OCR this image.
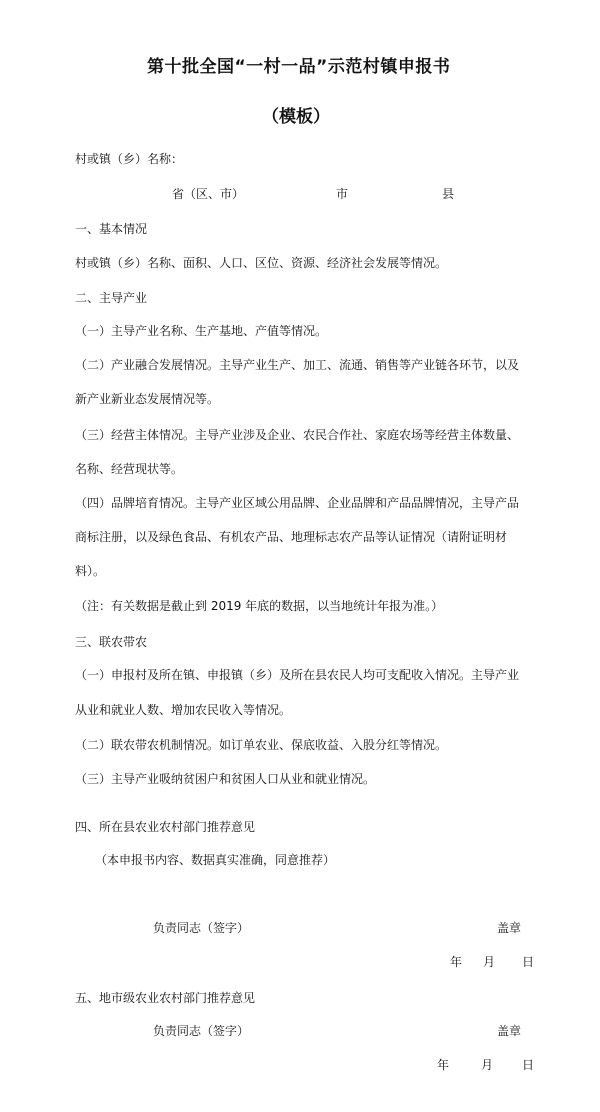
第十批全国“一村一品”示范村镇申报书
（模板）
村或镇（乡）名称：
省（区、市）	市	县
一、基本情况
村或镇（乡）名称、面积、人口、区位、资源、经济社会发展等情况。
二、主导产业
（一）主导产业名称、生产基地、产值等情况。
（二）产业融合发展情况。主导产业生产、加工、流通、销售等产业链各环节，以及
新产业新业态发展情况等。
（三）经营主体情况。主导产业涉及企业、农民合作社、家庭农场等经营主体数量、
名称、经营现状等。
（四）品牌培育情况。主导产业区域公用品牌、企业品牌和产品品牌情况，主导产品
商标注册，以及绿色食品、有机农产品、地理标志农产品等认证情况（请附证明材
料）。
（注：有关数据是截止到 2019 年底的数据，以当地统计年报为准。）
三、联农带农
（一）申报村及所在镇、申报镇（乡）及所在县农民人均可支配收入情况。主导产业
从业和就业人数、增加农民收入等情况。
（二）联农带农机制情况。如订单农业、保底收益、入股分红等情况。
（三）主导产业吸纳贫困户和贫困人口从业和就业情况。
四、所在县农业农村部门推荐意见
（本申报书内容、数据真实准确，同意推荐）
负责同志（签字）	盖章
年 月 日
五、地市级农业农村部门推荐意见
负责同志（签字）	盖章
年	月 日
